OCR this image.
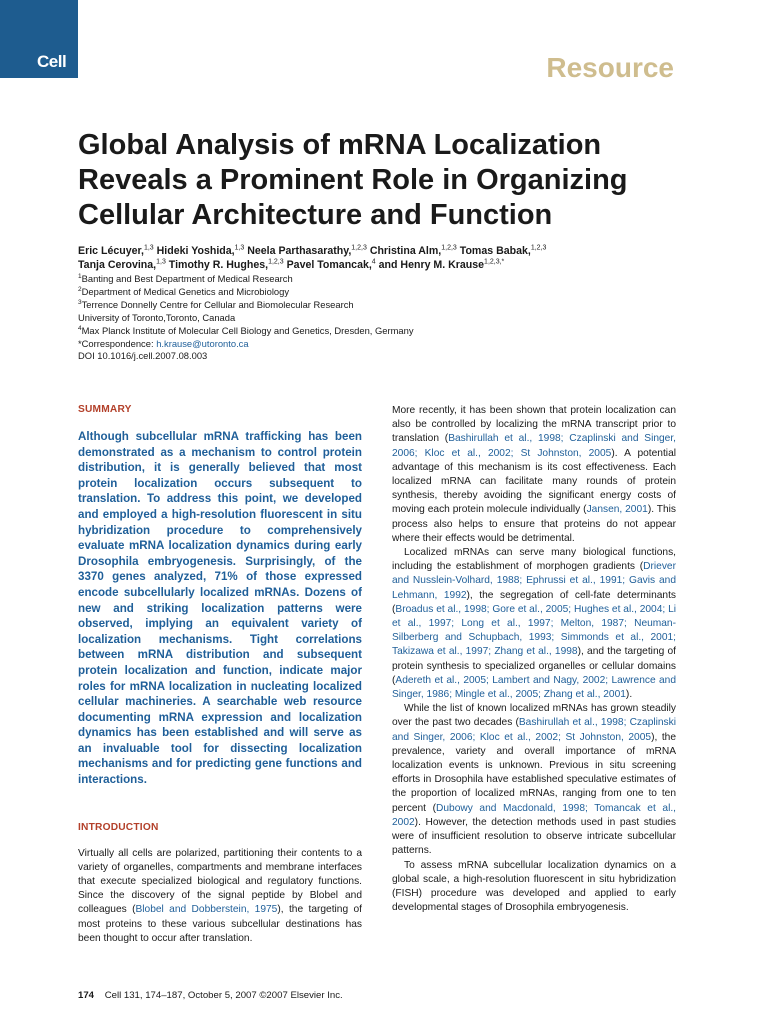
Cell	Resource
Global Analysis of mRNA Localization Reveals a Prominent Role in Organizing Cellular Architecture and Function
Eric Lécuyer,$^{1,3}$ Hideki Yoshida,$^{1,3}$ Neela Parthasarathy,$^{1,2,3}$ Christina Alm,$^{1,2,3}$ Tomas Babak,$^{1,2,3}$
Tanja Cerovina,$^{1,3}$ Timothy R. Hughes,$^{1,2,3}$ Pavel Tomancak,$^4$ and Henry M. Krause$^{1,2,3,*}$
$^1$Banting and Best Department of Medical Research
$^2$Department of Medical Genetics and Microbiology
$^3$Terrence Donnelly Centre for Cellular and Biomolecular Research
University of Toronto,Toronto, Canada
$^4$Max Planck Institute of Molecular Cell Biology and Genetics, Dresden, Germany
*Correspondence: h.krause@utoronto.ca
DOI 10.1016/j.cell.2007.08.003
SUMMARY
Although subcellular mRNA trafficking has been demonstrated as a mechanism to control protein distribution, it is generally believed that most protein localization occurs subsequent to translation. To address this point, we developed and employed a high-resolution fluorescent in situ hybridization procedure to comprehensively evaluate mRNA localization dynamics during early Drosophila embryogenesis. Surprisingly, of the 3370 genes analyzed, 71% of those expressed encode subcellularly localized mRNAs. Dozens of new and striking localization patterns were observed, implying an equivalent variety of localization mechanisms. Tight correlations between mRNA distribution and subsequent protein localization and function, indicate major roles for mRNA localization in nucleating localized cellular machineries. A searchable web resource documenting mRNA expression and localization dynamics has been established and will serve as an invaluable tool for dissecting localization mechanisms and for predicting gene functions and interactions.
INTRODUCTION

Virtually all cells are polarized, partitioning their contents to a variety of organelles, compartments and membrane interfaces that execute specialized biological and regulatory functions. Since the discovery of the signal peptide by Blobel and colleagues (Blobel and Dobberstein, 1975), the targeting of most proteins to these various subcellular destinations has been thought to occur after translation.

More recently, it has been shown that protein localization can also be controlled by localizing the mRNA transcript prior to translation (Bashirullah et al., 1998; Czaplinski and Singer, 2006; Kloc et al., 2002; St Johnston, 2005). A potential advantage of this mechanism is its cost effectiveness. Each localized mRNA can facilitate many rounds of protein synthesis, thereby avoiding the significant energy costs of moving each protein molecule individually (Jansen, 2001). This process also helps to ensure that proteins do not appear where their effects would be detrimental.

Localized mRNAs can serve many biological functions, including the establishment of morphogen gradients (Driever and Nusslein-Volhard, 1988; Ephrussi et al., 1991; Gavis and Lehmann, 1992), the segregation of cell-fate determinants (Broadus et al., 1998; Gore et al., 2005; Hughes et al., 2004; Li et al., 1997; Long et al., 1997; Melton, 1987; Neuman-Silberberg and Schupbach, 1993; Simmonds et al., 2001; Takizawa et al., 1997; Zhang et al., 1998), and the targeting of protein synthesis to specialized organelles or cellular domains (Adereth et al., 2005; Lambert and Nagy, 2002; Lawrence and Singer, 1986; Mingle et al., 2005; Zhang et al., 2001).

While the list of known localized mRNAs has grown steadily over the past two decades (Bashirullah et al., 1998; Czaplinski and Singer, 2006; Kloc et al., 2002; St Johnston, 2005), the prevalence, variety and overall importance of mRNA localization events is unknown. Previous in situ screening efforts in Drosophila have established speculative estimates of the proportion of localized mRNAs, ranging from one to ten percent (Dubowy and Macdonald, 1998; Tomancak et al., 2002). However, the detection methods used in past studies were of insufficient resolution to observe intricate subcellular patterns.

To assess mRNA subcellular localization dynamics on a global scale, a high-resolution fluorescent in situ hybridization (FISH) procedure was developed and applied to early developmental stages of Drosophila embryogenesis.

174 Cell 131, 174–187, October 5, 2007 ©2007 Elsevier Inc.
